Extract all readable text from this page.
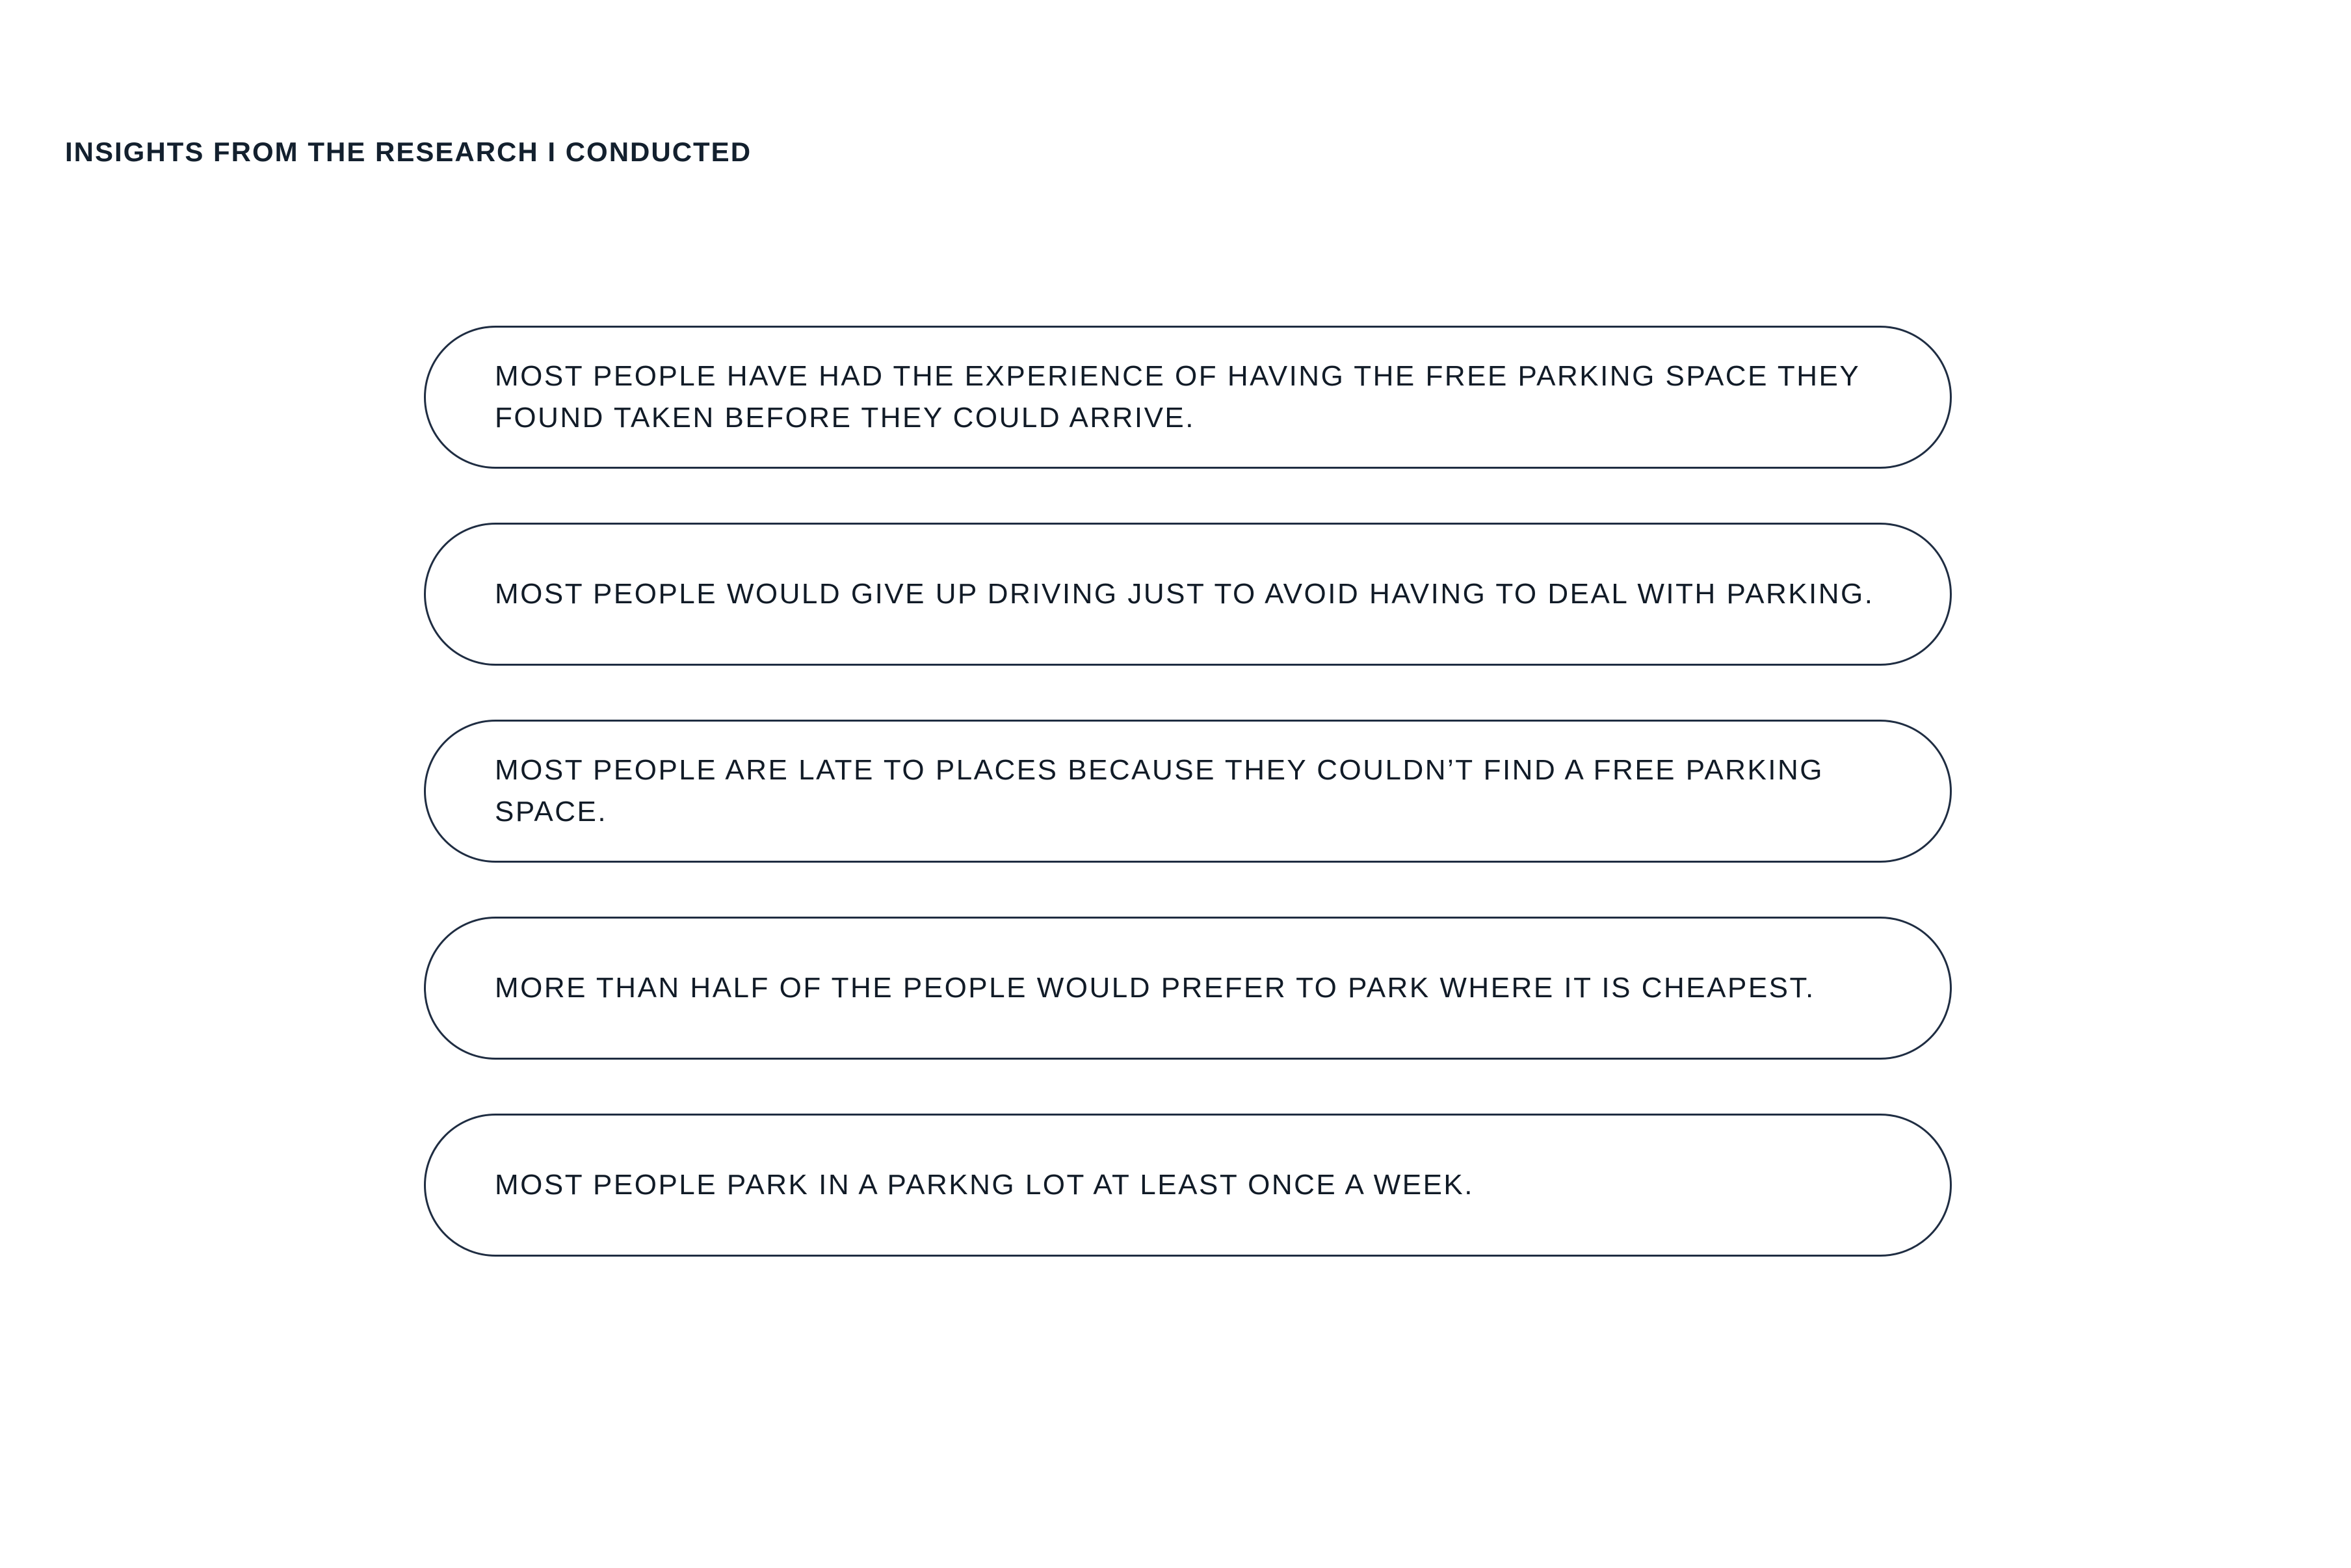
INSIGHTS FROM THE RESEARCH I CONDUCTED
MOST PEOPLE HAVE HAD THE EXPERIENCE OF HAVING THE FREE PARKING SPACE THEY FOUND TAKEN BEFORE THEY COULD ARRIVE.
MOST PEOPLE WOULD GIVE UP DRIVING JUST TO AVOID HAVING TO DEAL WITH PARKING.
MOST PEOPLE ARE LATE TO PLACES BECAUSE THEY COULDN’T FIND A FREE PARKING SPACE.
MORE THAN HALF OF THE PEOPLE WOULD PREFER TO PARK WHERE IT IS CHEAPEST.
MOST PEOPLE PARK IN A PARKNG LOT AT LEAST ONCE A WEEK.
